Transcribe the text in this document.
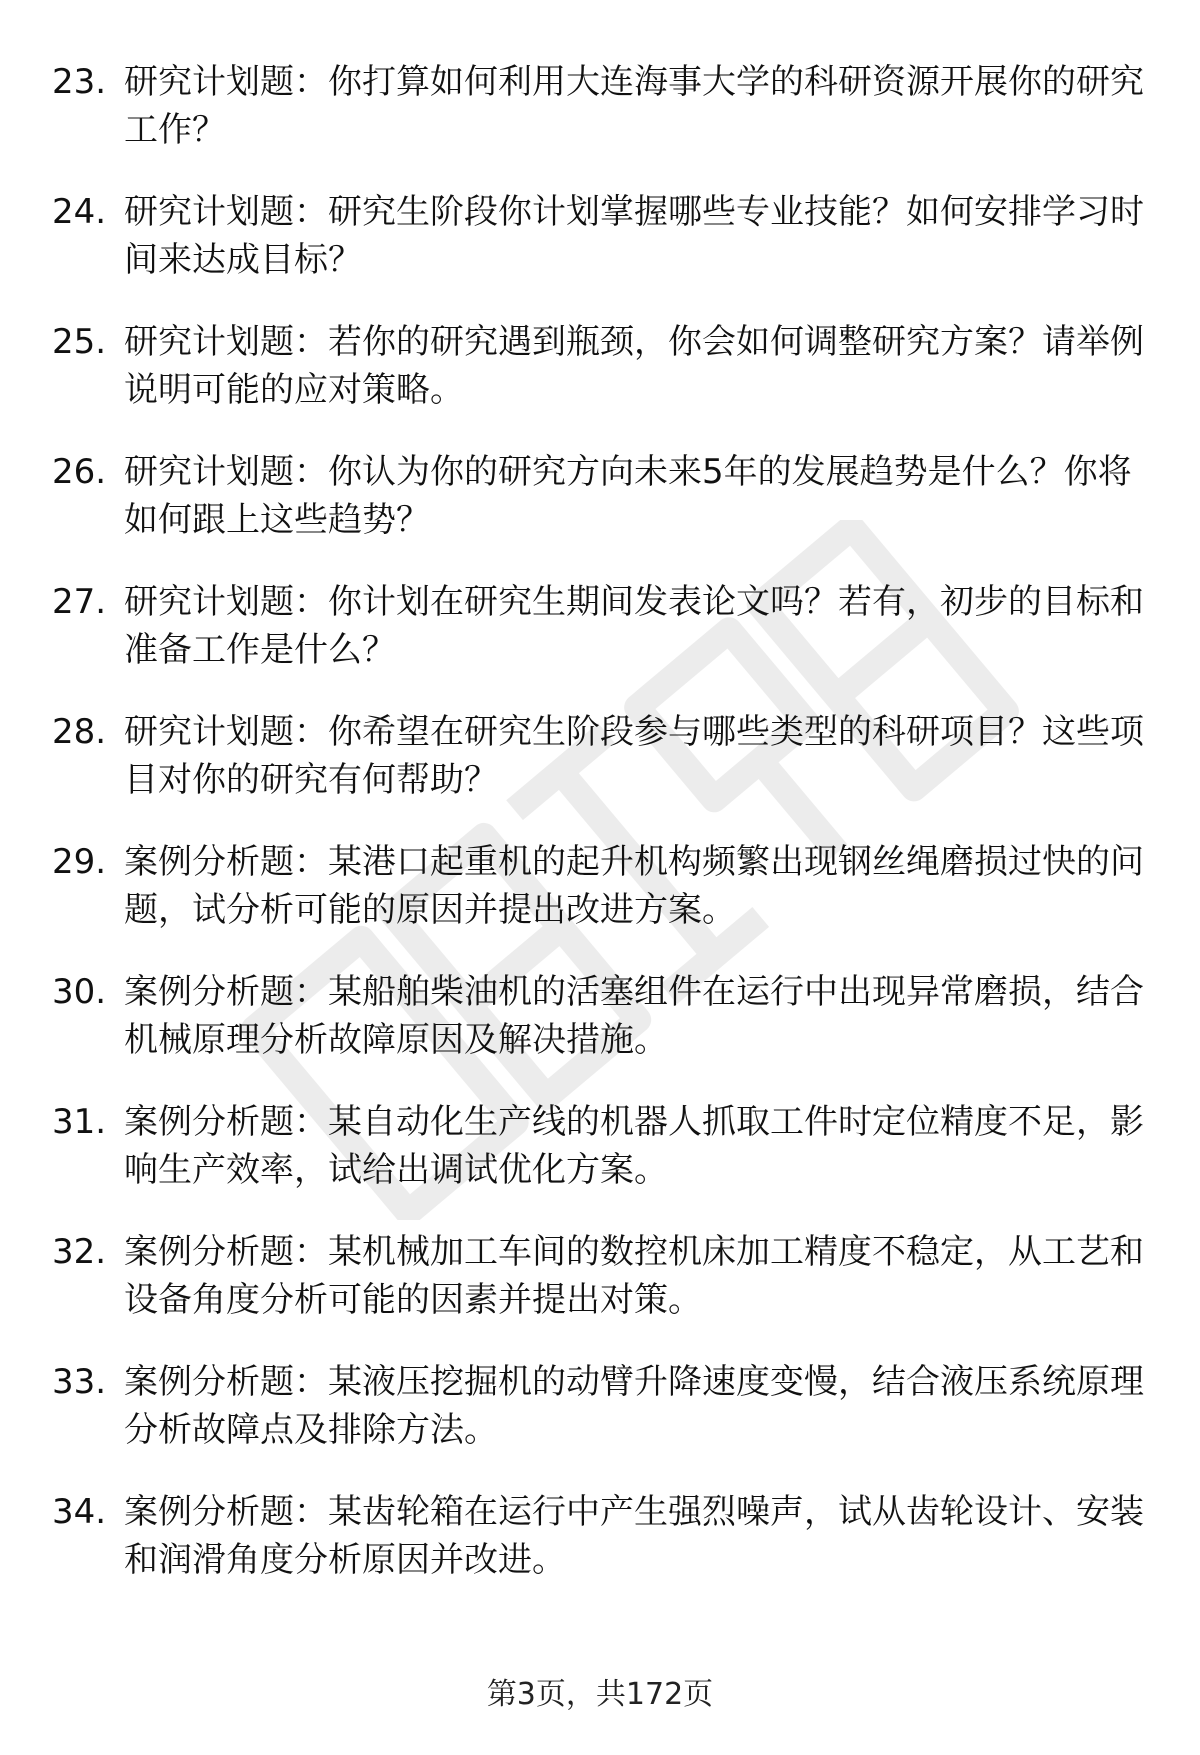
23. 研究计划题：你打算如何利用大连海事大学的科研资源开展你的研究工作？
24. 研究计划题：研究生阶段你计划掌握哪些专业技能？如何安排学习时间来达成目标？
25. 研究计划题：若你的研究遇到瓶颈，你会如何调整研究方案？请举例说明可能的应对策略。
26. 研究计划题：你认为你的研究方向未来5年的发展趋势是什么？你将如何跟上这些趋势？
27. 研究计划题：你计划在研究生期间发表论文吗？若有，初步的目标和准备工作是什么？
28. 研究计划题：你希望在研究生阶段参与哪些类型的科研项目？这些项目对你的研究有何帮助？
29. 案例分析题：某港口起重机的起升机构频繁出现钢丝绳磨损过快的问题，试分析可能的原因并提出改进方案。
30. 案例分析题：某船舶柴油机的活塞组件在运行中出现异常磨损，结合机械原理分析故障原因及解决措施。
31. 案例分析题：某自动化生产线的机器人抓取工件时定位精度不足，影响生产效率，试给出调试优化方案。
32. 案例分析题：某机械加工车间的数控机床加工精度不稳定，从工艺和设备角度分析可能的因素并提出对策。
33. 案例分析题：某液压挖掘机的动臂升降速度变慢，结合液压系统原理分析故障点及排除方法。
34. 案例分析题：某齿轮箱在运行中产生强烈噪声，试从齿轮设计、安装和润滑角度分析原因并改进。
第3页，共172页
